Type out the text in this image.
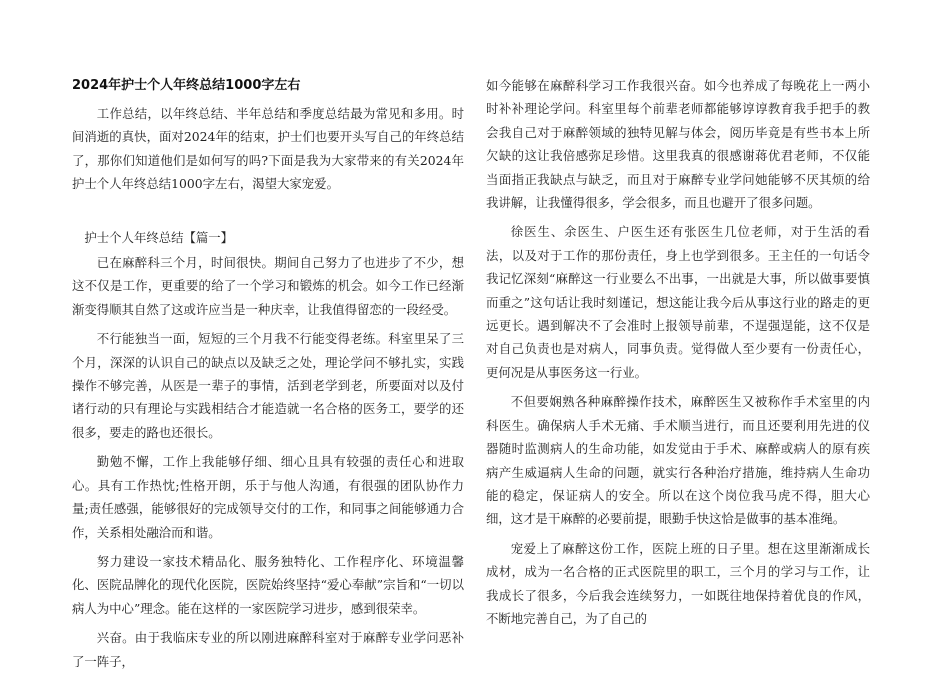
2024年护士个人年终总结1000字左右

工作总结，以年终总结、半年总结和季度总结最为常见和多用。时间消逝的真快，面对2024年的结束，护士们也要开头写自己的年终总结了，那你们知道他们是如何写的吗?下面是我为大家带来的有关2024年护士个人年终总结1000字左右，渴望大家宠爱。

护士个人年终总结【篇一】

已在麻醉科三个月，时间很快。期间自己努力了也进步了不少，想这不仅是工作，更重要的给了一个学习和锻炼的机会。如今工作已经渐渐变得顺其自然了这或许应当是一种庆幸，让我值得留恋的一段经受。

不行能独当一面，短短的三个月我不行能变得老练。科室里呆了三个月，深深的认识自己的缺点以及缺乏之处，理论学问不够扎实，实践操作不够完善，从医是一辈子的事情，活到老学到老，所要面对以及付诸行动的只有理论与实践相结合才能造就一名合格的医务工，要学的还很多，要走的路也还很长。

勤勉不懈，工作上我能够仔细、细心且具有较强的责任心和进取心。具有工作热忱;性格开朗，乐于与他人沟通，有很强的团队协作力量;责任感强，能够很好的完成领导交付的工作，和同事之间能够通力合作，关系相处融洽而和谐。

努力建设一家技术精品化、服务独特化、工作程序化、环境温馨化、医院品牌化的现代化医院，医院始终坚持“爱心奉献”宗旨和“一切以病人为中心”理念。能在这样的一家医院学习进步，感到很荣幸。

兴奋。由于我临床专业的所以刚进麻醉科室对于麻醉专业学问恶补了一阵子，

如今能够在麻醉科学习工作我很兴奋。如今也养成了每晚花上一两小时补补理论学问。科室里每个前辈老师都能够谆谆教育我手把手的教会我自己对于麻醉领域的独特见解与体会，阅历毕竟是有些书本上所欠缺的这让我倍感弥足珍惜。这里我真的很感谢蒋优君老师，不仅能当面指正我缺点与缺乏，而且对于麻醉专业学问她能够不厌其烦的给我讲解，让我懂得很多，学会很多，而且也避开了很多问题。

徐医生、余医生、户医生还有张医生几位老师，对于生活的看法，以及对于工作的那份责任，身上也学到很多。王主任的一句话令我记忆深刻“麻醉这一行业要么不出事，一出就是大事，所以做事要慎而重之”这句话让我时刻谨记，想这能让我今后从事这行业的路走的更远更长。遇到解决不了会准时上报领导前辈，不逞强逞能，这不仅是对自己负责也是对病人，同事负责。觉得做人至少要有一份责任心，更何况是从事医务这一行业。

不但要娴熟各种麻醉操作技术，麻醉医生又被称作手术室里的内科医生。确保病人手术无痛、手术顺当进行，而且还要利用先进的仪器随时监测病人的生命功能，如发觉由于手术、麻醉或病人的原有疾病产生威逼病人生命的问题，就实行各种治疗措施，维持病人生命功能的稳定，保证病人的安全。所以在这个岗位我马虎不得，胆大心细，这才是干麻醉的必要前提，眼勤手快这恰是做事的基本准绳。

宠爱上了麻醉这份工作，医院上班的日子里。想在这里渐渐成长成材，成为一名合格的正式医院里的职工，三个月的学习与工作，让我成长了很多，今后我会连续努力，一如既往地保持着优良的作风，不断地完善自己，为了自己的
